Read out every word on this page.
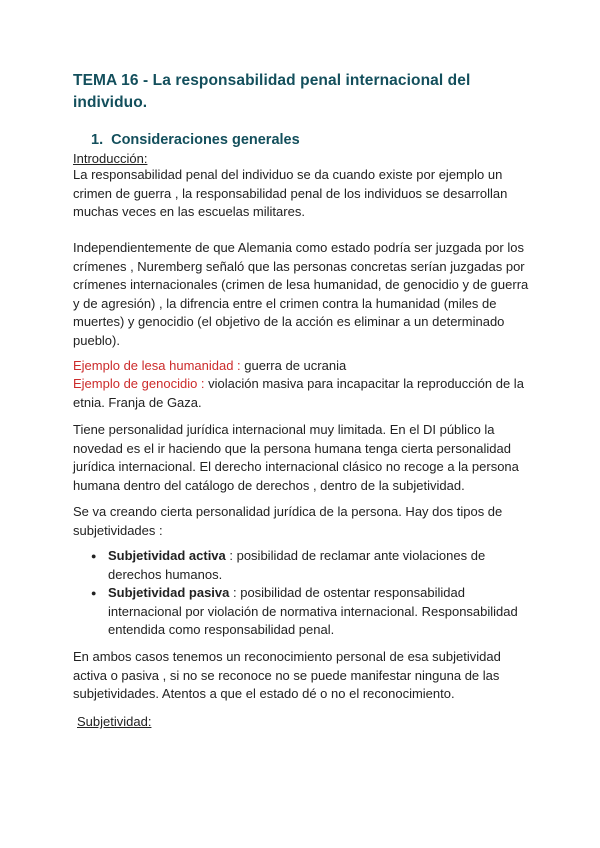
TEMA 16 - La responsabilidad penal internacional del individuo.
1. Consideraciones generales

Introducción:

La responsabilidad penal del individuo se da cuando existe por ejemplo un crimen de guerra , la responsabilidad penal de los individuos se desarrollan muchas veces en las escuelas militares.

Independientemente de que Alemania como estado podría ser juzgada por los crímenes , Nuremberg señaló que las personas concretas serían juzgadas por crímenes internacionales (crimen de lesa humanidad, de genocidio y de guerra y de agresión) , la difrencia entre el crimen contra la humanidad (miles de muertes) y genocidio (el objetivo de la acción es eliminar a un determinado pueblo).

Ejemplo de lesa humanidad : guerra de ucrania

Ejemplo de genocidio : violación masiva para incapacitar la reproducción de la etnia. Franja de Gaza.

Tiene personalidad jurídica internacional muy limitada. En el DI público la novedad es el ir haciendo que la persona humana tenga cierta personalidad jurídica internacional. El derecho internacional clásico no recoge a la persona humana dentro del catálogo de derechos , dentro de la subjetividad.

Se va creando cierta personalidad jurídica de la persona. Hay dos tipos de subjetividades :

● Subjetividad activa : posibilidad de reclamar ante violaciones de derechos humanos.
● Subjetividad pasiva : posibilidad de ostentar responsabilidad internacional por violación de normativa internacional. Responsabilidad entendida como responsabilidad penal.

En ambos casos tenemos un reconocimiento personal de esa subjetividad activa o pasiva , si no se reconoce no se puede manifestar ninguna de las subjetividades. Atentos a que el estado dé o no el reconocimiento.

Subjetividad:
